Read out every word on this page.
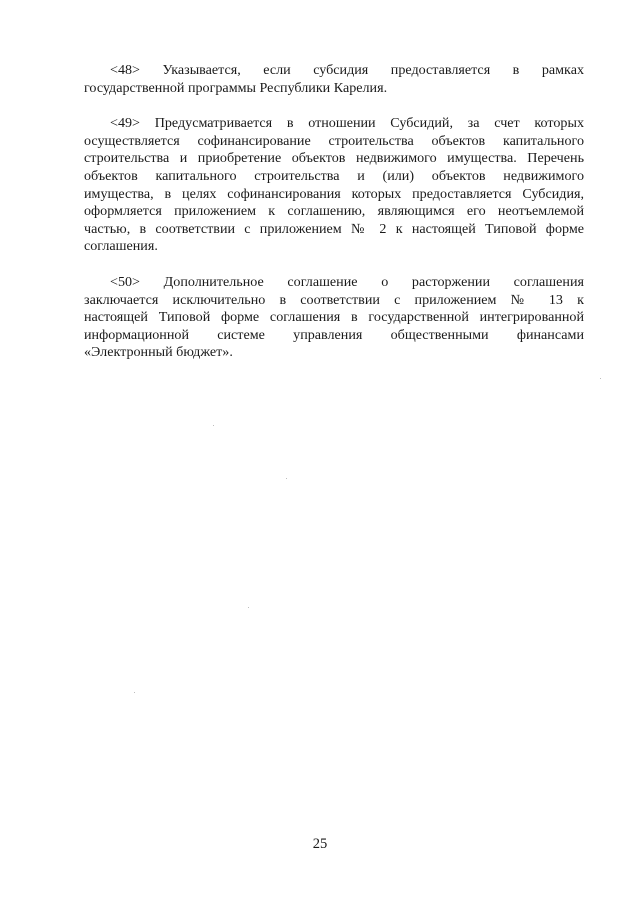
<48> Указывается, если субсидия предоставляется в рамках
государственной программы Республики Карелия.

<49> Предусматривается в отношении Субсидий, за счет которых
осуществляется софинансирование строительства объектов капитального
строительства и приобретение объектов недвижимого имущества. Перечень
объектов капитального строительства и (или) объектов недвижимого
имущества, в целях софинансирования которых предоставляется Субсидия,
оформляется приложением к соглашению, являющимся его неотъемлемой
частью, в соответствии с приложением № 2 к настоящей Типовой форме
соглашения.

<50> Дополнительное соглашение о расторжении соглашения
заключается исключительно в соответствии с приложением № 13 к
настоящей Типовой форме соглашения в государственной интегрированной
информационной системе управления общественными финансами
«Электронный бюджет».

25
